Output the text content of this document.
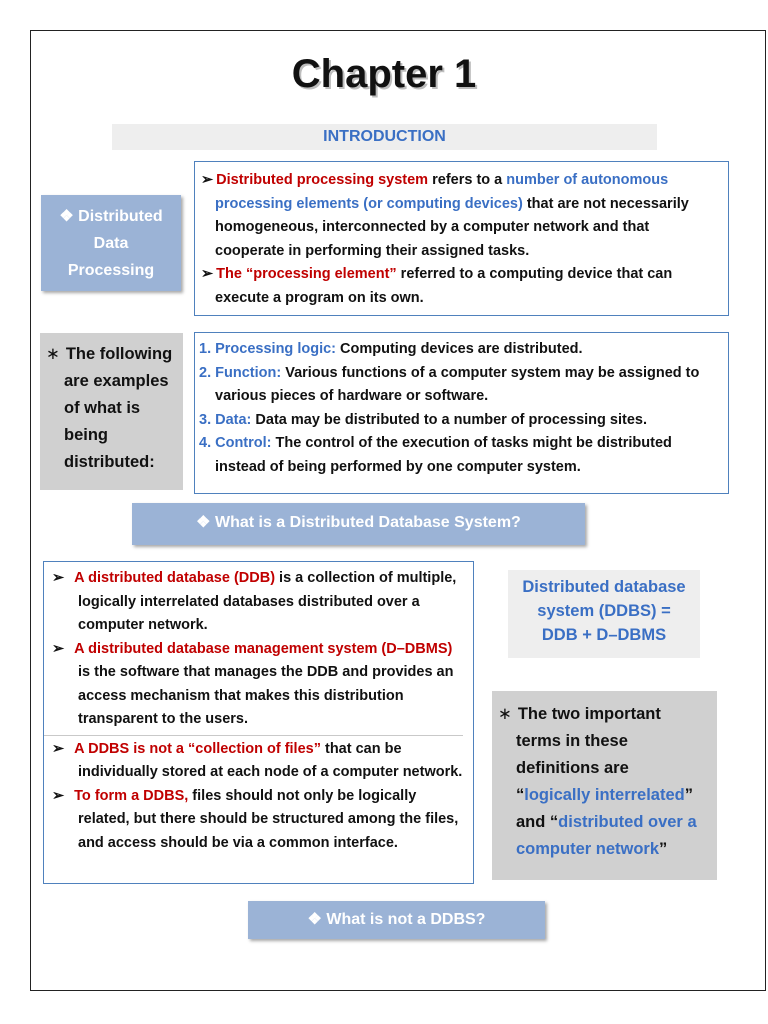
Chapter 1
INTRODUCTION
❖ Distributed
Data
Processing
➢ Distributed processing system refers to a number of autonomous processing elements (or computing devices) that are not necessarily homogeneous, interconnected by a computer network and that cooperate in performing their assigned tasks.
➢ The “processing element” referred to a computing device that can execute a program on its own.
∗ The following are examples of what is being distributed:
1. Processing logic: Computing devices are distributed.
2. Function: Various functions of a computer system may be assigned to various pieces of hardware or software.
3. Data: Data may be distributed to a number of processing sites.
4. Control: The control of the execution of tasks might be distributed instead of being performed by one computer system.
❖ What is a Distributed Database System?
➢ A distributed database (DDB) is a collection of multiple, logically interrelated databases distributed over a computer network.
➢ A distributed database management system (D–DBMS) is the software that manages the DDB and provides an access mechanism that makes this distribution transparent to the users.
➢ A DDBS is not a “collection of files” that can be individually stored at each node of a computer network.
➢ To form a DDBS, files should not only be logically related, but there should be structured among the files, and access should be via a common interface.
Distributed database
system (DDBS) =
DDB + D–DBMS
∗ The two important terms in these definitions are “logically interrelated” and “distributed over a computer network”
❖ What is not a DDBS?
